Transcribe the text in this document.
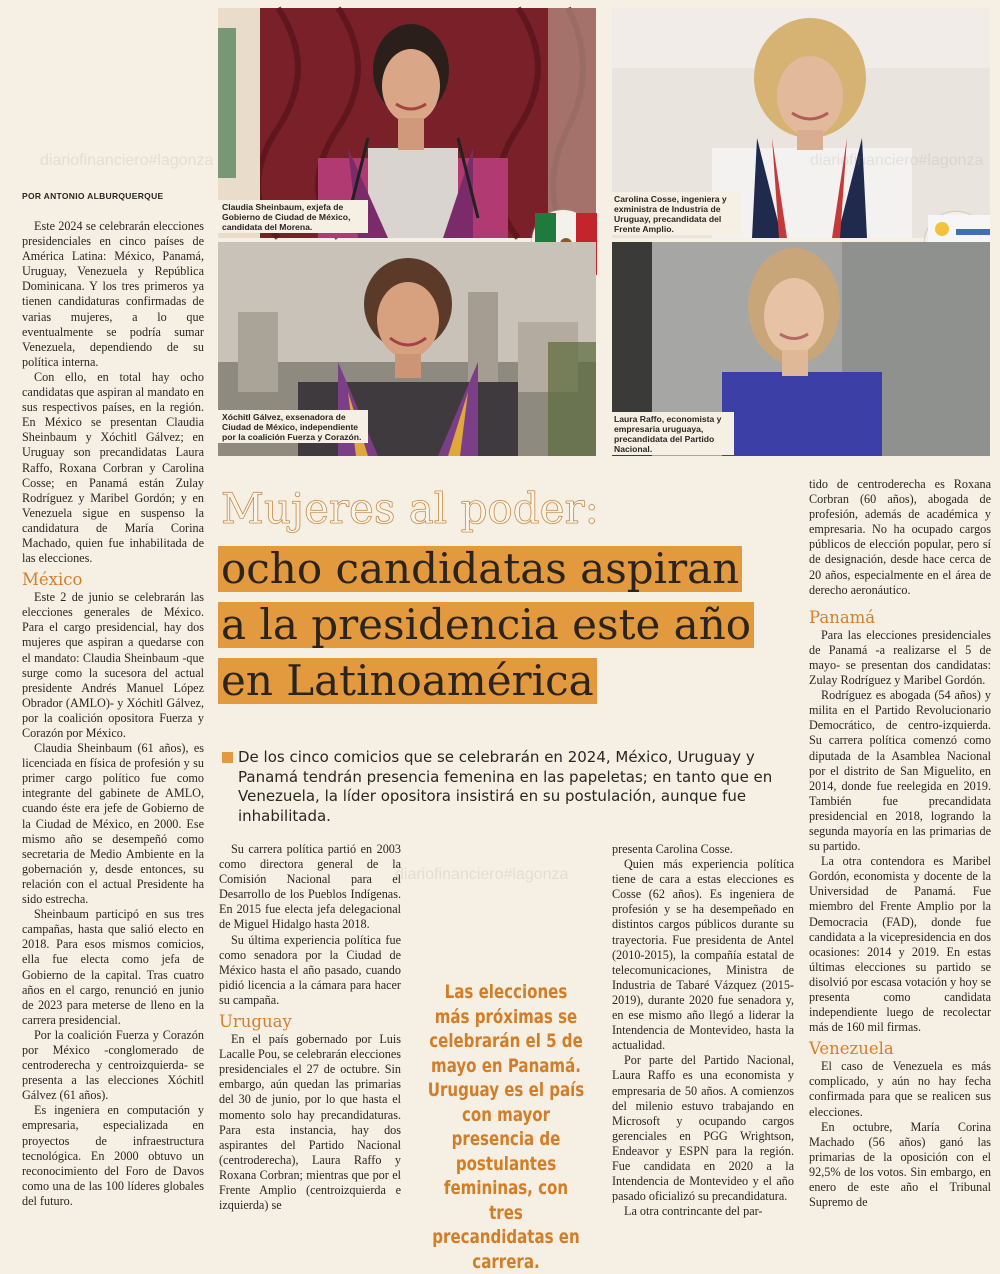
Claudia Sheinbaum, exjefa de Gobierno de Ciudad de México, candidata del Morena.
Carolina Cosse, ingeniera y exministra de Industria de Uruguay, precandidata del Frente Amplio.
Xóchitl Gálvez, exsenadora de Ciudad de México, independiente por la coalición Fuerza y Corazón.
Laura Raffo, economista y empresaria uruguaya, precandidata del Partido Nacional.
diariofinanciero#lagonza
diariofinanciero#lagonza
POR ANTONIO ALBURQUERQUE

Este 2024 se celebrarán elecciones presidenciales en cinco países de América Latina: México, Panamá, Uruguay, Venezuela y República Dominicana. Y los tres primeros ya tienen candidaturas confirmadas de varias mujeres, a lo que eventualmente se podría sumar Venezuela, dependiendo de su política interna.

Con ello, en total hay ocho candidatas que aspiran al mandato en sus respectivos países, en la región. En México se presentan Claudia Sheinbaum y Xóchitl Gálvez; en Uruguay son precandidatas Laura Raffo, Roxana Corbran y Carolina Cosse; en Panamá están Zulay Rodríguez y Maribel Gordón; y en Venezuela sigue en suspenso la candidatura de María Corina Machado, quien fue inhabilitada de las elecciones.

México

Este 2 de junio se celebrarán las elecciones generales de México. Para el cargo presidencial, hay dos mujeres que aspiran a quedarse con el mandato: Claudia Sheinbaum -que surge como la sucesora del actual presidente Andrés Manuel López Obrador (AMLO)- y Xóchitl Gálvez, por la coalición opositora Fuerza y Corazón por México.

Claudia Sheinbaum (61 años), es licenciada en física de profesión y su primer cargo político fue como integrante del gabinete de AMLO, cuando éste era jefe de Gobierno de la Ciudad de México, en 2000. Ese mismo año se desempeñó como secretaria de Medio Ambiente en la gobernación y, desde entonces, su relación con el actual Presidente ha sido estrecha.

Sheinbaum participó en sus tres campañas, hasta que salió electo en 2018. Para esos mismos comicios, ella fue electa como jefa de Gobierno de la capital. Tras cuatro años en el cargo, renunció en junio de 2023 para meterse de lleno en la carrera presidencial.

Por la coalición Fuerza y Corazón por México -conglomerado de centroderecha y centroizquierda- se presenta a las elecciones Xóchitl Gálvez (61 años).

Es ingeniera en computación y empresaria, especializada en proyectos de infraestructura tecnológica. En 2000 obtuvo un reconocimiento del Foro de Davos como una de las 100 líderes globales del futuro.

Mujeres al poder:
ocho candidatas aspiran
a la presidencia este año
en Latinoamérica
De los cinco comicios que se celebrarán en 2024, México, Uruguay y Panamá tendrán presencia femenina en las papeletas; en tanto que en Venezuela, la líder opositora insistirá en su postulación, aunque fue inhabilitada.

Su carrera política partió en 2003 como directora general de la Comisión Nacional para el Desarrollo de los Pueblos Indígenas. En 2015 fue electa jefa delegacional de Miguel Hidalgo hasta 2018.

Su última experiencia política fue como senadora por la Ciudad de México hasta el año pasado, cuando pidió licencia a la cámara para hacer su campaña.

Uruguay

En el país gobernado por Luis Lacalle Pou, se celebrarán elecciones presidenciales el 27 de octubre. Sin embargo, aún quedan las primarias del 30 de junio, por lo que hasta el momento solo hay precandidaturas. Para esta instancia, hay dos aspirantes del Partido Nacional (centroderecha), Laura Raffo y Roxana Corbran; mientras que por el Frente Amplio (centroizquierda e izquierda) se

Las elecciones más próximas se celebrarán el 5 de mayo en Panamá. Uruguay es el país con mayor presencia de postulantes femininas, con tres precandidatas en carrera.

presenta Carolina Cosse.

Quien más experiencia política tiene de cara a estas elecciones es Cosse (62 años). Es ingeniera de profesión y se ha desempeñado en distintos cargos públicos durante su trayectoria. Fue presidenta de Antel (2010-2015), la compañía estatal de telecomunicaciones, Ministra de Industria de Tabaré Vázquez (2015-2019), durante 2020 fue senadora y, en ese mismo año llegó a liderar la Intendencia de Montevideo, hasta la actualidad.

Por parte del Partido Nacional, Laura Raffo es una economista y empresaria de 50 años. A comienzos del milenio estuvo trabajando en Microsoft y ocupando cargos gerenciales en PGG Wrightson, Endeavor y ESPN para la región. Fue candidata en 2020 a la Intendencia de Montevideo y el año pasado oficializó su precandidatura.

La otra contrincante del par-

tido de centroderecha es Roxana Corbran (60 años), abogada de profesión, además de académica y empresaria. No ha ocupado cargos públicos de elección popular, pero sí de designación, desde hace cerca de 20 años, especialmente en el área de derecho aeronáutico.

Panamá

Para las elecciones presidenciales de Panamá -a realizarse el 5 de mayo- se presentan dos candidatas: Zulay Rodríguez y Maribel Gordón.

Rodríguez es abogada (54 años) y milita en el Partido Revolucionario Democrático, de centro-izquierda. Su carrera política comenzó como diputada de la Asamblea Nacional por el distrito de San Miguelito, en 2014, donde fue reelegida en 2019. También fue precandidata presidencial en 2018, logrando la segunda mayoría en las primarias de su partido.

La otra contendora es Maribel Gordón, economista y docente de la Universidad de Panamá. Fue miembro del Frente Amplio por la Democracia (FAD), donde fue candidata a la vicepresidencia en dos ocasiones: 2014 y 2019. En estas últimas elecciones su partido se disolvió por escasa votación y hoy se presenta como candidata independiente luego de recolectar más de 160 mil firmas.

Venezuela

El caso de Venezuela es más complicado, y aún no hay fecha confirmada para que se realicen sus elecciones.

En octubre, María Corina Machado (56 años) ganó las primarias de la oposición con el 92,5% de los votos. Sin embargo, en enero de este año el Tribunal Supremo de
